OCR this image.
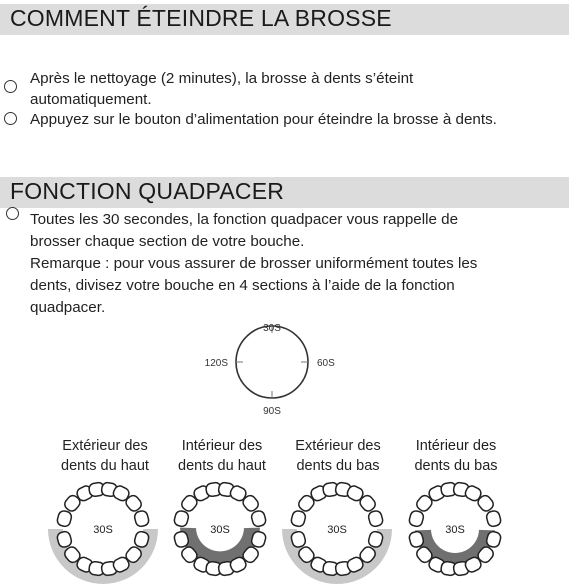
COMMENT ÉTEINDRE LA BROSSE
Après le nettoyage (2 minutes), la brosse à dents s’éteint
automatiquement.
Appuyez sur le bouton d’alimentation pour éteindre la brosse à dents.
FONCTION QUADPACER
Toutes les 30 secondes, la fonction quadpacer vous rappelle de
brosser chaque section de votre bouche.
Remarque : pour vous assurer de brosser uniformément toutes les
dents, divisez votre bouche en 4 sections à l’aide de la fonction
quadpacer.
Extérieur des
dents du haut
Intérieur des
dents du haut
Extérieur des
dents du bas
Intérieur des
dents du bas
30S
60S
90S
120S
30S	30S	30S	30S
